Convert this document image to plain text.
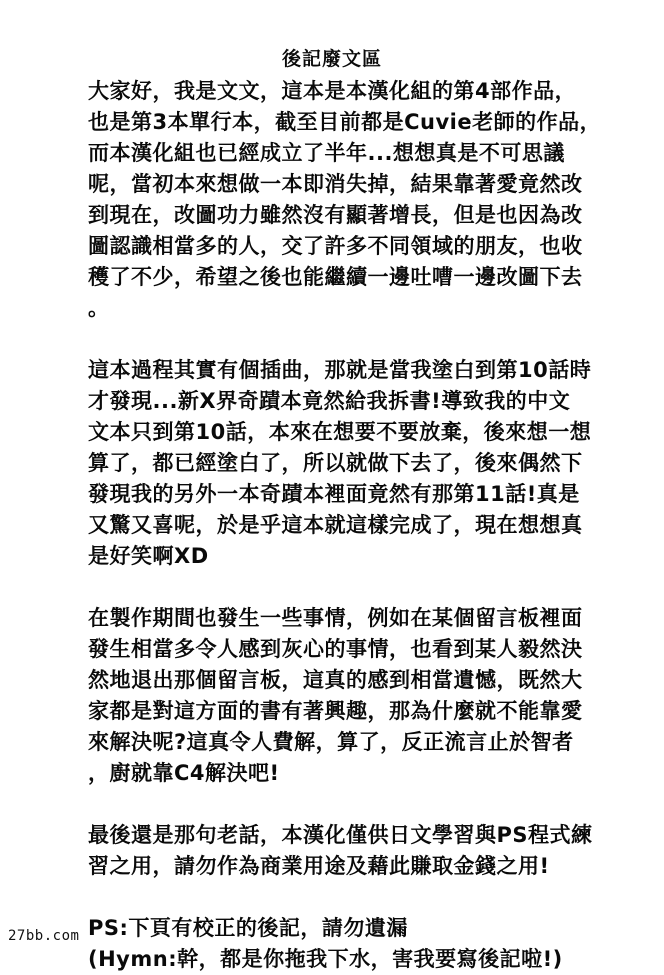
後記廢文區
大家好，我是文文，這本是本漢化組的第4部作品，
也是第3本單行本，截至目前都是Cuvie老師的作品，
而本漢化組也已經成立了半年...想想真是不可思議
呢，當初本來想做一本即消失掉，結果靠著愛竟然改
到現在，改圖功力雖然沒有顯著增長，但是也因為改
圖認識相當多的人，交了許多不同領域的朋友，也收
穫了不少，希望之後也能繼續一邊吐嘈一邊改圖下去
。
這本過程其實有個插曲，那就是當我塗白到第10話時
才發現...新X界奇蹟本竟然給我拆書!導致我的中文
文本只到第10話，本來在想要不要放棄，後來想一想
算了，都已經塗白了，所以就做下去了，後來偶然下
發現我的另外一本奇蹟本裡面竟然有那第11話!真是
又驚又喜呢，於是乎這本就這樣完成了，現在想想真
是好笑啊XD
在製作期間也發生一些事情，例如在某個留言板裡面
發生相當多令人感到灰心的事情，也看到某人毅然決
然地退出那個留言板，這真的感到相當遺憾，既然大
家都是對這方面的書有著興趣，那為什麼就不能靠愛
來解決呢?這真令人費解，算了，反正流言止於智者
，廚就靠C4解決吧!
最後還是那句老話，本漢化僅供日文學習與PS程式練
習之用，請勿作為商業用途及藉此賺取金錢之用!
PS:下頁有校正的後記，請勿遺漏
(Hymn:幹，都是你拖我下水，害我要寫後記啦!)
27bb.com
